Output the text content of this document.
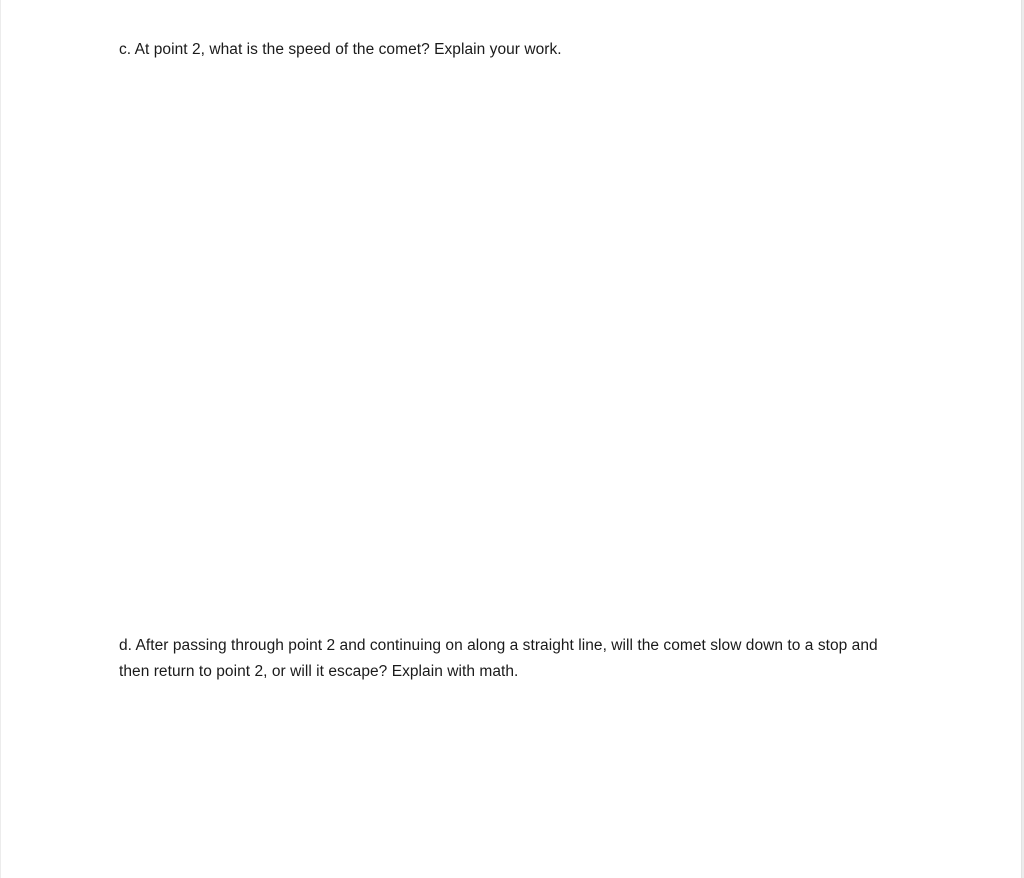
c. At point 2, what is the speed of the comet? Explain your work.

d. After passing through point 2 and continuing on along a straight line, will the comet slow down to a stop and then return to point 2, or will it escape? Explain with math.
